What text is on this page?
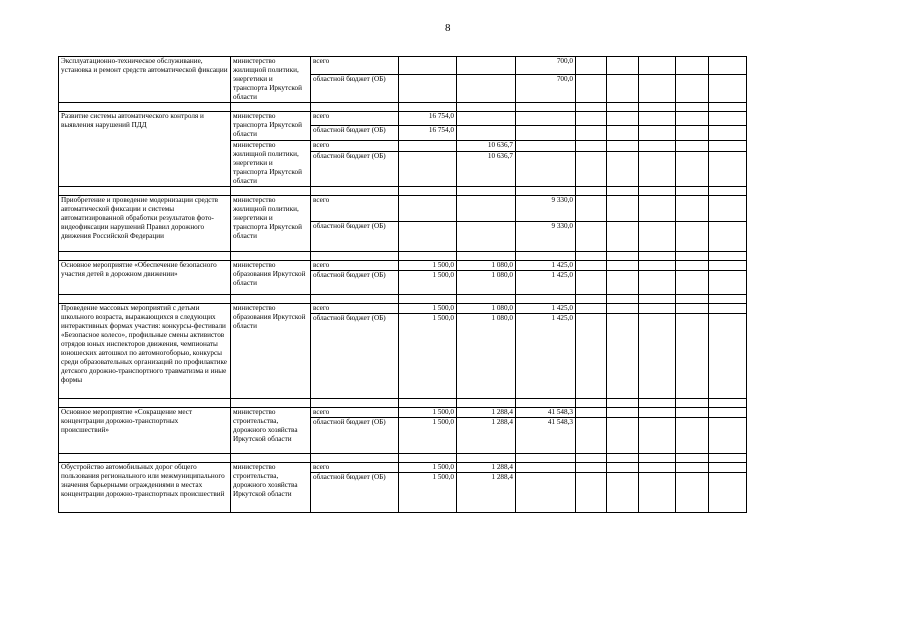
8
Эксплуатационно-техническое обслуживание, установка и ремонт средств автоматической фиксации	министерство жилищной политики, энергетики и транспорта Иркутской области	всего			700,0					
		областной бюджет (ОБ)			700,0					

Развитие системы автоматического контроля и выявления нарушений ПДД	министерство транспорта Иркутской области	всего	16 754,0							
		областной бюджет (ОБ)	16 754,0							
	министерство жилищной политики, энергетики и транспорта Иркутской области	всего		10 636,7						
		областной бюджет (ОБ)		10 636,7						

Приобретение и проведение модернизации средств автоматической фиксации и системы автоматизированной обработки результатов фото-видеофиксации нарушений Правил дорожного движения Российской Федерации	министерство жилищной политики, энергетики и транспорта Иркутской области	всего			9 330,0					
		областной бюджет (ОБ)			9 330,0					

Основное мероприятие «Обеспечение безопасного участия детей в дорожном движении»	министерство образования Иркутской области	всего	1 500,0	1 080,0	1 425,0					
		областной бюджет (ОБ)	1 500,0	1 080,0	1 425,0					

Проведение массовых мероприятий с детьми школьного возраста, выражающихся в следующих интерактивных формах участия: конкурсы-фестивали «Безопасное колесо», профильные смены активистов отрядов юных инспекторов движения, чемпионаты юношеских автошкол по автомногоборью, конкурсы среди образовательных организаций по профилактике детского дорожно-транспортного травматизма и иные формы	министерство образования Иркутской области	всего	1 500,0	1 080,0	1 425,0					
		областной бюджет (ОБ)	1 500,0	1 080,0	1 425,0					

Основное мероприятие «Сокращение мест концентрации дорожно-транспортных происшествий»	министерство строительства, дорожного хозяйства Иркутской области	всего	1 500,0	1 288,4	41 548,3					
		областной бюджет (ОБ)	1 500,0	1 288,4	41 548,3					

Обустройство автомобильных дорог общего пользования регионального или межмуниципального значения барьерными ограждениями в местах концентрации дорожно-транспортных происшествий	министерство строительства, дорожного хозяйства Иркутской области	всего	1 500,0	1 288,4						
		областной бюджет (ОБ)	1 500,0	1 288,4						
